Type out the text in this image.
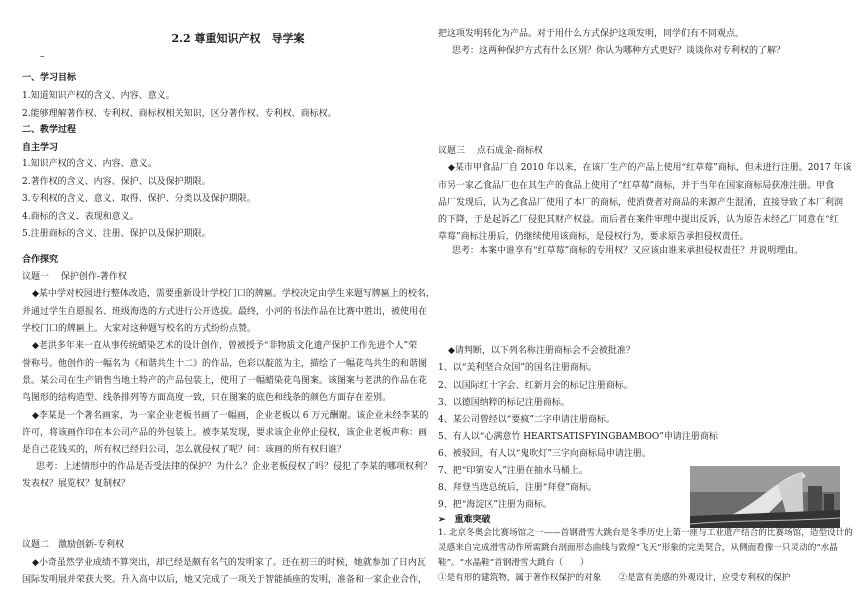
2.2 尊重知识产权　导学案
–
一、学习目标
1.知道知识产权的含义、内容、意义。
2.能够理解著作权、专利权、商标权相关知识，区分著作权、专利权、商标权。
二、教学过程
自主学习
1.知识产权的含义、内容、意义。
2.著作权的含义、内容、保护、以及保护期限。
3.专利权的含义、意义、取得、保护、分类以及保护期限。
4.商标的含义、表现和意义。
5.注册商标的含义、注册、保护以及保护期限。
合作探究
议题一　 保护创作-著作权
◆某中学对校园进行整体改造，需要重新设计学校门口的牌匾。学校决定由学生来题写牌匾上的校名，
并通过学生自愿报名、班级海选的方式进行公开选拔。最终，小河的书法作品在比赛中胜出，被使用在
学校门口的牌匾上。大家对这种题写校名的方式纷纷点赞。
◆老洪多年来一直从事传统蜡染艺术的设计创作，曾被授予“非物质文化遗产保护工作先进个人”荣
誉称号。他创作的一幅名为《和谐共生十二》的作品，色彩以靛蓝为主，描绘了一幅花鸟共生的和谐图
景。某公司在生产销售当地土特产的产品包装上，使用了一幅蜡染花鸟图案。该图案与老洪的作品在花
鸟图形的结构造型、线条排列等方面高度一致，只在图案的底色和线条的颜色方面存在差别。
◆李某是一个著名画家，为一家企业老板书画了一幅画，企业老板以 6 万元酬谢。该企业未经李某的
许可，将该画作印在本公司产品的外包装上。被李某发现，要求该企业停止侵权，该企业老板声称：画
是自己花钱买的，所有权已经归公司，怎么就侵权了呢？问：该画的所有权归谁？
思考：上述情形中的作品是否受法律的保护？为什么？企业老板侵权了吗？侵犯了李某的哪项权利？
发表权？展览权？复制权？
议题二　激励创新-专利权
◆小奇虽然学业成绩不算突出，却已经是颇有名气的发明家了。还在初三的时候，她就参加了日内瓦
国际发明展并荣获大奖。升入高中以后，她又完成了一项关于智能插座的发明，准备和一家企业合作，
把这项发明转化为产品。对于用什么方式保护这项发明，同学们有不同观点。
思考：这两种保护方式有什么区别？你认为哪种方式更好？谈谈你对专利权的了解？
议题三　 点石成金-商标权
◆某市甲食品厂自 2010 年以来，在该厂生产的产品上使用“红草莓”商标，但未进行注册。2017 年该
市另一家乙食品厂也在其生产的食品上使用了“红草莓”商标，并于当年在国家商标局获准注册。甲食
品厂发现后，认为乙食品厂使用了本厂的商标，使消费者对商品的来源产生混淆，直接导致了本厂利润
的下降，于是起诉乙厂侵犯其财产权益。而后者在案件审理中提出反诉，认为原告未经乙厂同意在“红
草莓”商标注册后，仍继续使用该商标，是侵权行为，要求原告承担侵权责任。
思考：本案中谁享有“红草莓”商标的专用权？又应该由谁来承担侵权责任？并说明理由。
◆请判断，以下列名称注册商标会不会被批准？
1、以“美利坚合众国”的国名注册商标。
2、以国际红十字会、红新月会的标记注册商标。
3、以德国纳粹的标记注册商标。
4、某公司曾经以“要疯”二字申请注册商标。
5、有人以“心满意竹 HEARTSATISFYINGBAMBOO”申请注册商标
6、被驳回，有人以“鬼吹灯”三字向商标局申请注册。
7、把“印第安人”注册在抽水马桶上。
8、拜登当选总统后，注册“拜登”商标。
9、把“海淀区”注册为商标。
➢　重难突破
1. 北京冬奥会比赛场馆之一——首钢滑雪大跳台是冬季历史上第一座与工业遗产结合的比赛场馆，造型设计的
灵感来自完成滑雪动作所需跳台剖面形态曲线与敦煌“飞天”形象的完美契合，从侧面看像一只灵动的“水晶
鞋”。“水晶鞋”首钢滑雪大跳台（　　）
①是有形的建筑物，属于著作权保护的对象　　②是富有美感的外观设计，应受专利权的保护
